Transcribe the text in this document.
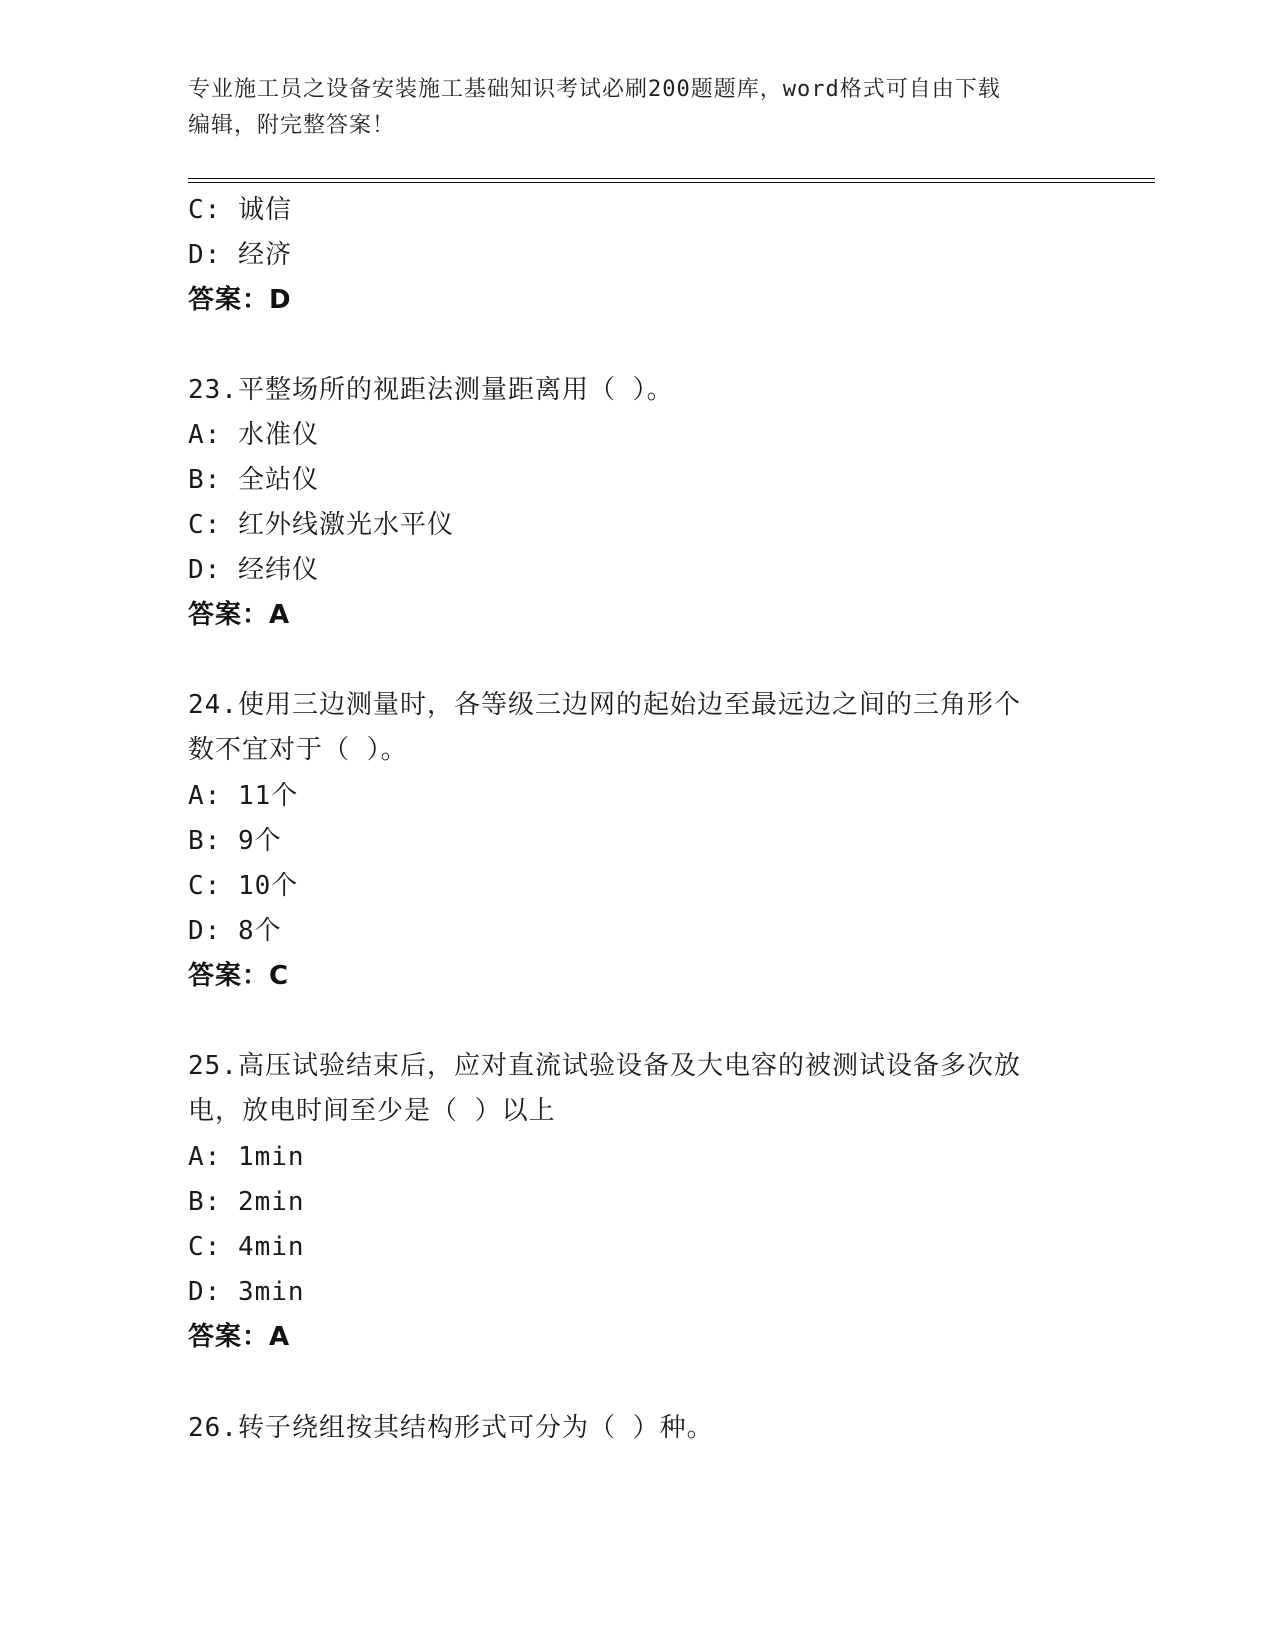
专业施工员之设备安装施工基础知识考试必刷200题题库，word格式可自由下载
编辑，附完整答案！
C: 诚信
D: 经济
答案：D
23.平整场所的视距法测量距离用（ ）。
A: 水准仪
B: 全站仪
C: 红外线激光水平仪
D: 经纬仪
答案：A
24.使用三边测量时，各等级三边网的起始边至最远边之间的三角形个
数不宜对于（ ）。
A: 11个
B: 9个
C: 10个
D: 8个
答案：C
25.高压试验结束后，应对直流试验设备及大电容的被测试设备多次放
电，放电时间至少是（ ）以上
A: 1min
B: 2min
C: 4min
D: 3min
答案：A
26.转子绕组按其结构形式可分为（ ）种。
